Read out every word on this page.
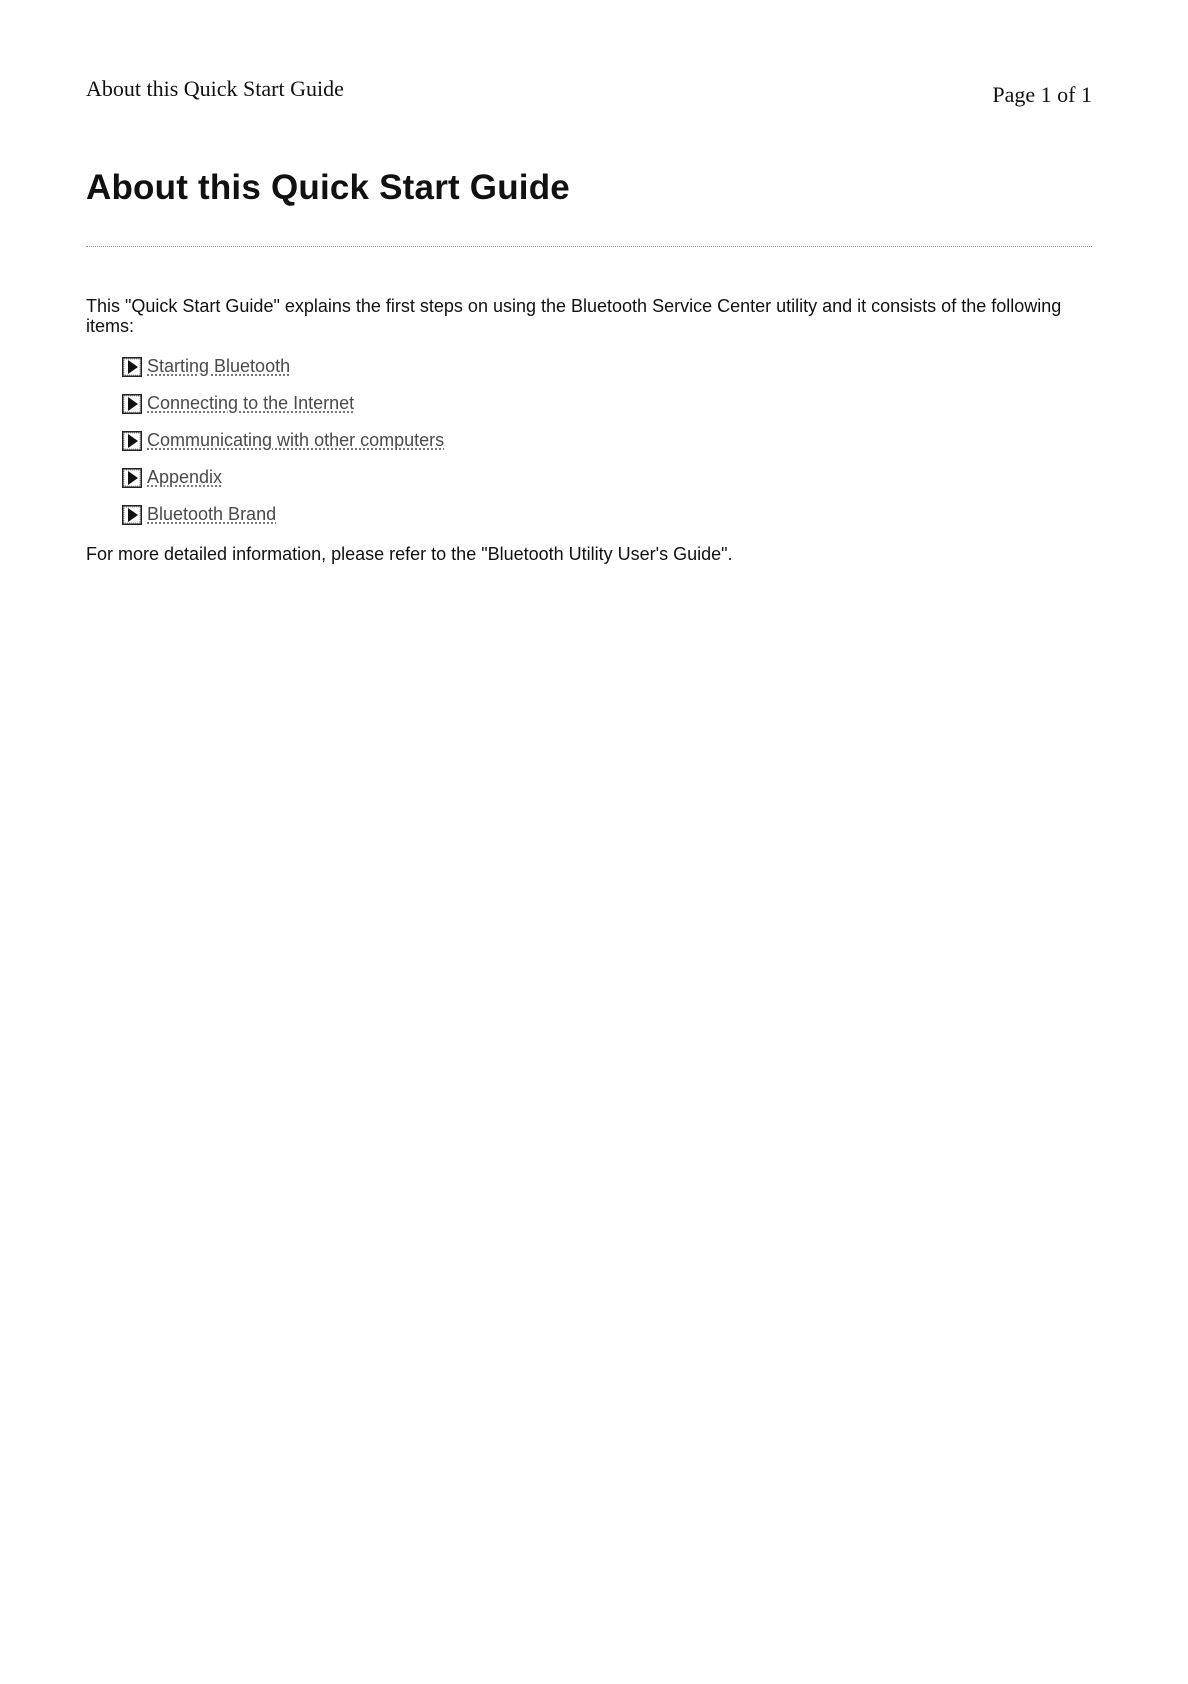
About this Quick Start Guide	Page 1 of 1
About this Quick Start Guide

This "Quick Start Guide" explains the first steps on using the Bluetooth Service Center utility and it consists of the following items:

Starting Bluetooth
Connecting to the Internet
Communicating with other computers
Appendix
Bluetooth Brand

For more detailed information, please refer to the "Bluetooth Utility User's Guide".
